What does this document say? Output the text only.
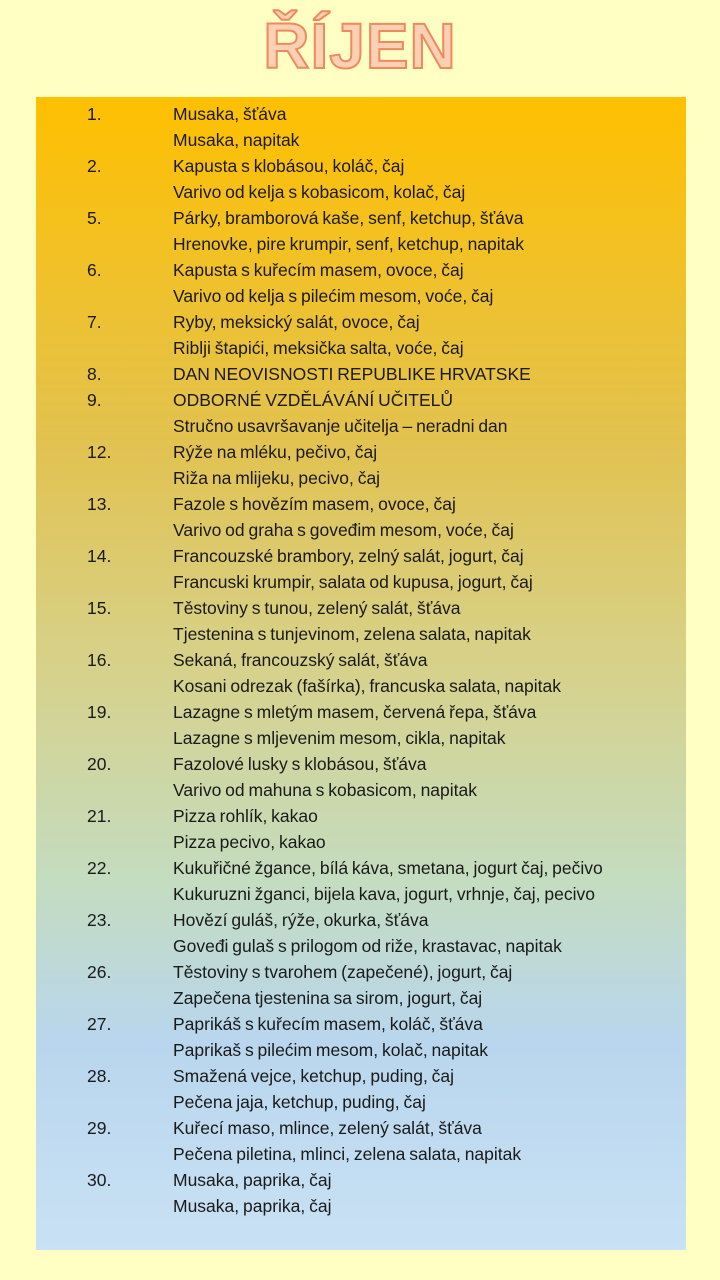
ŘÍJEN
1.	Musaka, šťáva
Musaka, napitak
2.	Kapusta s klobásou, koláč, čaj
Varivo od kelja s kobasicom, kolač, čaj
5.	Párky, bramborová kaše, senf, ketchup, šťáva
Hrenovke, pire krumpir, senf, ketchup, napitak
6.	Kapusta s kuřecím masem, ovoce, čaj
Varivo od kelja s pilećim mesom, voće, čaj
7.	Ryby, meksický salát, ovoce, čaj
Riblji štapići, meksička salta, voće, čaj
8.	DAN NEOVISNOSTI REPUBLIKE HRVATSKE
9.	ODBORNÉ VZDĚLÁVÁNÍ UČITELŮ
Stručno usavršavanje učitelja – neradni dan
12.	Rýže na mléku, pečivo, čaj
Riža na mlijeku, pecivo, čaj
13.	Fazole s hovězím masem, ovoce, čaj
Varivo od graha s govеđim mesom, voće, čaj
14.	Francouzské brambory, zelný salát, jogurt, čaj
Francuski krumpir, salata od kupusa, jogurt, čaj
15.	Těstoviny s tunou, zelený salát, šťáva
Tjestenina s tunjevinom, zelena salata, napitak
16.	Sekaná, francouzský salát, šťáva
Kosani odrezak (fašírka), francuska salata, napitak
19.	Lazagne s mletým masem, červená řepa, šťáva
Lazagne s mljevenim mesom, cikla, napitak
20.	Fazolové lusky s klobásou, šťáva
Varivo od mahuna s kobasicom, napitak
21.	Pizza rohlík, kakao
Pizza pecivo, kakao
22.	Kukuřičné žgance, bílá káva, smetana, jogurt čaj, pečivo
Kukuruzni žganci, bijela kava, jogurt, vrhnje, čaj, pecivo
23.	Hovězí guláš, rýže, okurka, šťáva
Goveđi gulaš s prilogom od riže, krastavac, napitak
26.	Těstoviny s tvarohem (zapečené), jogurt, čaj
Zapečena tjestenina sa sirom, jogurt, čaj
27.	Paprikáš s kuřecím masem, koláč, šťáva
Paprikaš s pilećim mesom, kolač, napitak
28.	Smažená vejce, ketchup, puding, čaj
Pečena jaja, ketchup, puding, čaj
29.	Kuřecí maso, mlince, zelený salát, šťáva
Pečena piletina, mlinci, zelena salata, napitak
30.	Musaka, paprika, čaj
Musaka, paprika, čaj
